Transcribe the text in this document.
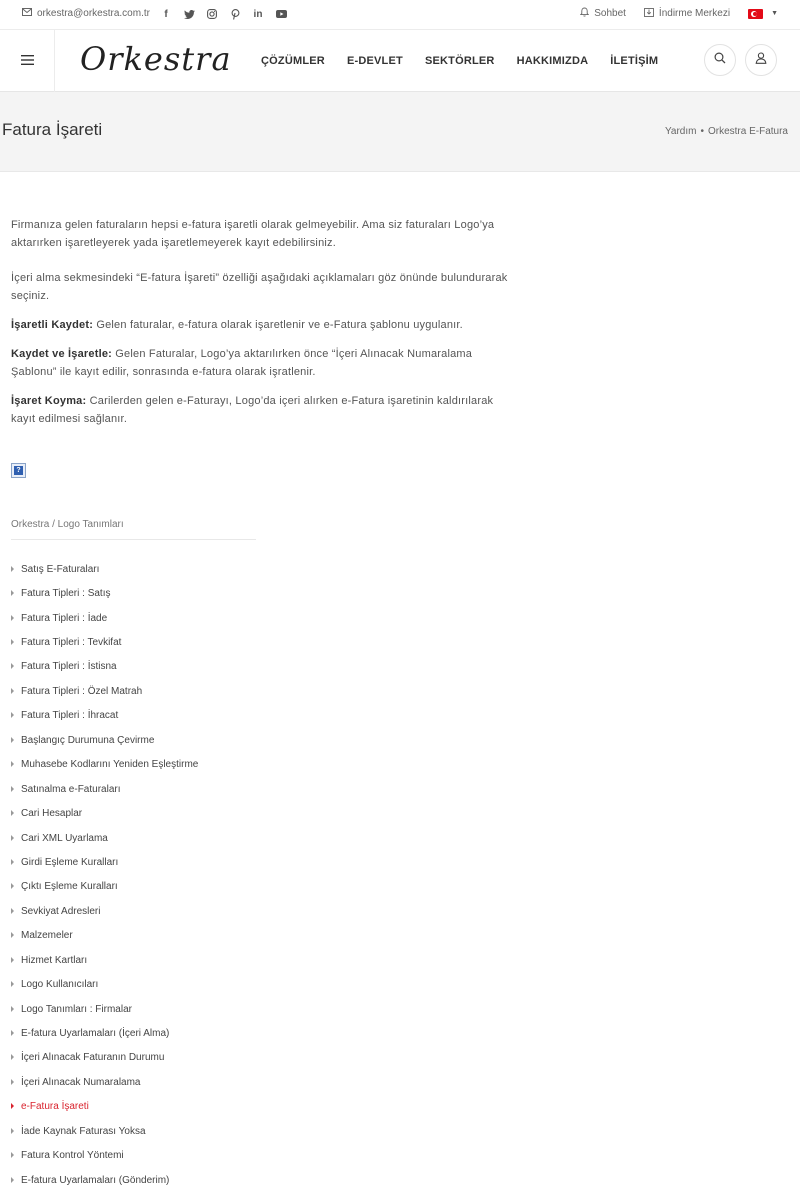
orkestra@orkestra.com.tr	f	in	Sohbet	İndirme Merkezi	▼
Orkestra	ÇÖZÜMLER E-DEVLET SEKTÖRLER HAKKIMIZDA İLETİŞİM
Fatura İşareti	Yardım • Orkestra E-Fatura

Firmanıza gelen faturaların hepsi e-fatura işaretli olarak gelmeyebilir. Ama siz faturaları Logo’ya aktarırken işaretleyerek yada işaretlemeyerek kayıt edebilirsiniz.

İçeri alma sekmesindeki “E-fatura İşareti” özelliği aşağıdaki açıklamaları göz önünde bulundurarak seçiniz.

İşaretli Kaydet: Gelen faturalar, e-fatura olarak işaretlenir ve e-Fatura şablonu uygulanır.

Kaydet ve İşaretle: Gelen Faturalar, Logo’ya aktarılırken önce “İçeri Alınacak Numaralama Şablonu” ile kayıt edilir, sonrasında e-fatura olarak işratlenir.

İşaret Koyma: Carilerden gelen e-Faturayı, Logo’da içeri alırken e-Fatura işaretinin kaldırılarak kayıt edilmesi sağlanır.

?
Orkestra / Logo Tanımları
Satış E-Faturaları
Fatura Tipleri : Satış
Fatura Tipleri : İade
Fatura Tipleri : Tevkifat
Fatura Tipleri : İstisna
Fatura Tipleri : Özel Matrah
Fatura Tipleri : İhracat
Başlangıç Durumuna Çevirme
Muhasebe Kodlarını Yeniden Eşleştirme
Satınalma e-Faturaları
Cari Hesaplar
Cari XML Uyarlama
Girdi Eşleme Kuralları
Çıktı Eşleme Kuralları
Sevkiyat Adresleri
Malzemeler
Hizmet Kartları
Logo Kullanıcıları
Logo Tanımları : Firmalar
E-fatura Uyarlamaları (İçeri Alma)
İçeri Alınacak Faturanın Durumu
İçeri Alınacak Numaralama
e-Fatura İşareti
İade Kaynak Faturası Yoksa
Fatura Kontrol Yöntemi
E-fatura Uyarlamaları (Gönderim)
